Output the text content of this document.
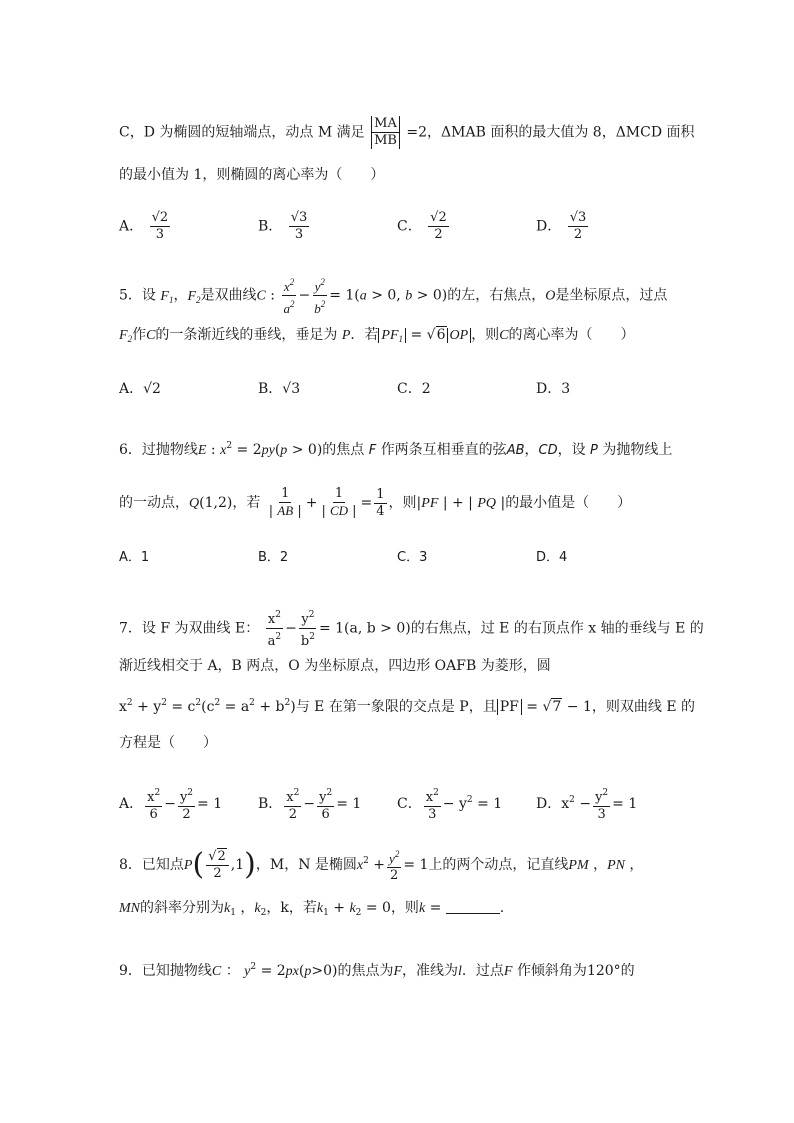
C，D 为椭圆的短轴端点，动点 M 满足 $\frac{MA}{MB} =2$，ΔMAB 面积的最大值为 8，ΔMCD 面积
的最小值为 1，则椭圆的离心率为（　　）
A． $\frac{√2}{3}$	B． $\frac{√3}{3}$	C． $\frac{√2}{2}$	D． $\frac{√3}{2}$
5．设 $F_1$，$F_2$是双曲线C : $\frac{x^2}{a^2} - \frac{y^2}{b^2} = 1(a > 0$, b > 0)的左，右焦点，O是坐标原点，过点
$F_2$作C的一条渐近线的垂线，垂足为 P．若 $PF_1 = √6$ OP ，则C的离心率为（　　）
A．√2	B．√3	C．2	D．3
6．过抛物线E : $x^2 = 2py(p > 0)$的焦点 F 作两条互相垂直的弦AB，CD，设 P 为抛物线上
的一动点，Q(1,2)，若 $\frac{1}{| AB |} + \frac{1}{| CD |} = \frac{1}{4}$ ，则|PF | + | PQ |的最小值是（　　）
A．1	B．2	C．3	D．4
7．设 F 为双曲线 E： $\frac{x^2}{a^2} - \frac{y^2}{b^2} = 1(a$, b > 0)的右焦点，过 E 的右顶点作 x 轴的垂线与 E 的
渐近线相交于 A，B 两点，O 为坐标原点，四边形 OAFB 为菱形，圆
$x^2 + y^2 = c^2(c^2 = a^2 + b^2)$与 E 在第一象限的交点是 P，且 PF = √7 − 1，则双曲线 E 的
方程是（　　）
A． $\frac{x^2}{6} - \frac{y^2}{2} = 1$	B． $\frac{x^2}{2} - \frac{y^2}{6} = 1$	C． $\frac{x^2}{3} - y^2 = 1$ D．$x^2 - \frac{y^2}{3} = 1$
8．已知点$P( \frac{√2}{2} ,1)$，M，N 是椭圆$x^2 + \frac{y^2}{2} = 1$上的两个动点，记直线PM ，PN ，
MN的斜率分别为$k_1$ ，$k_2$，k，若$k_1 + k_2 = 0$，则k =	.
9．已知抛物线C ： $y^2 = 2px(p>0)$的焦点为F，准线为l．过点F 作倾斜角为120°的
